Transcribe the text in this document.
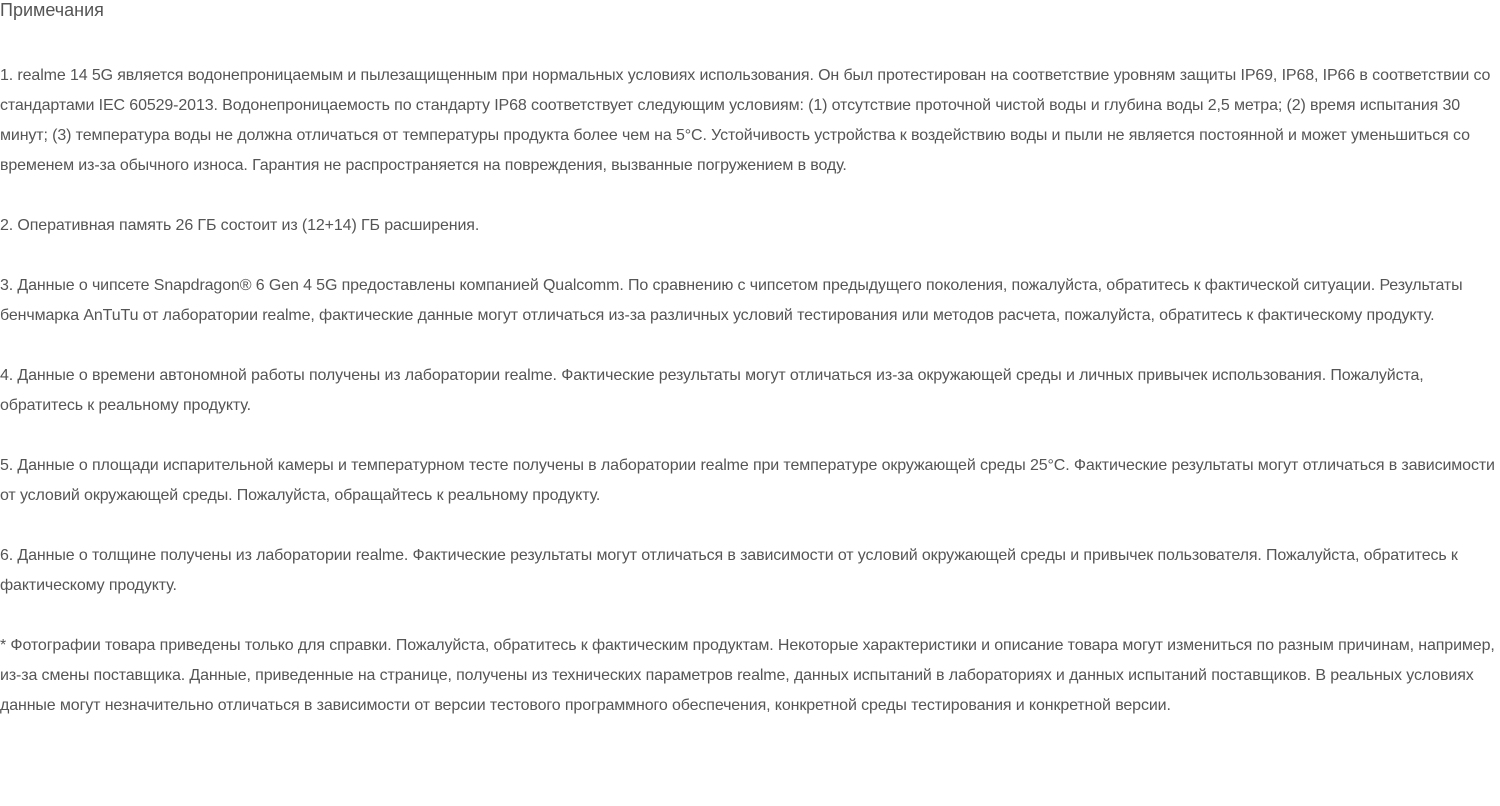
Примечания

1. realme 14 5G является водонепроницаемым и пылезащищенным при нормальных условиях использования. Он был протестирован на соответствие уровням защиты IP69, IP68, IP66 в соответствии со стандартами IEC 60529-2013. Водонепроницаемость по стандарту IP68 соответствует следующим условиям: (1) отсутствие проточной чистой воды и глубина воды 2,5 метра; (2) время испытания 30 минут; (3) температура воды не должна отличаться от температуры продукта более чем на 5°C. Устойчивость устройства к воздействию воды и пыли не является постоянной и может уменьшиться со временем из-за обычного износа. Гарантия не распространяется на повреждения, вызванные погружением в воду.

2. Оперативная память 26 ГБ состоит из (12+14) ГБ расширения.

3. Данные о чипсете Snapdragon® 6 Gen 4 5G предоставлены компанией Qualcomm. По сравнению с чипсетом предыдущего поколения, пожалуйста, обратитесь к фактической ситуации. Результаты бенчмарка AnTuTu от лаборатории realme, фактические данные могут отличаться из-за различных условий тестирования или методов расчета, пожалуйста, обратитесь к фактическому продукту.

4. Данные о времени автономной работы получены из лаборатории realme. Фактические результаты могут отличаться из-за окружающей среды и личных привычек использования. Пожалуйста, обратитесь к реальному продукту.

5. Данные о площади испарительной камеры и температурном тесте получены в лаборатории realme при температуре окружающей среды 25°C. Фактические результаты могут отличаться в зависимости от условий окружающей среды. Пожалуйста, обращайтесь к реальному продукту.

6. Данные о толщине получены из лаборатории realme. Фактические результаты могут отличаться в зависимости от условий окружающей среды и привычек пользователя. Пожалуйста, обратитесь к фактическому продукту.

* Фотографии товара приведены только для справки. Пожалуйста, обратитесь к фактическим продуктам. Некоторые характеристики и описание товара могут измениться по разным причинам, например, из-за смены поставщика. Данные, приведенные на странице, получены из технических параметров realme, данных испытаний в лабораториях и данных испытаний поставщиков. В реальных условиях данные могут незначительно отличаться в зависимости от версии тестового программного обеспечения, конкретной среды тестирования и конкретной версии.
